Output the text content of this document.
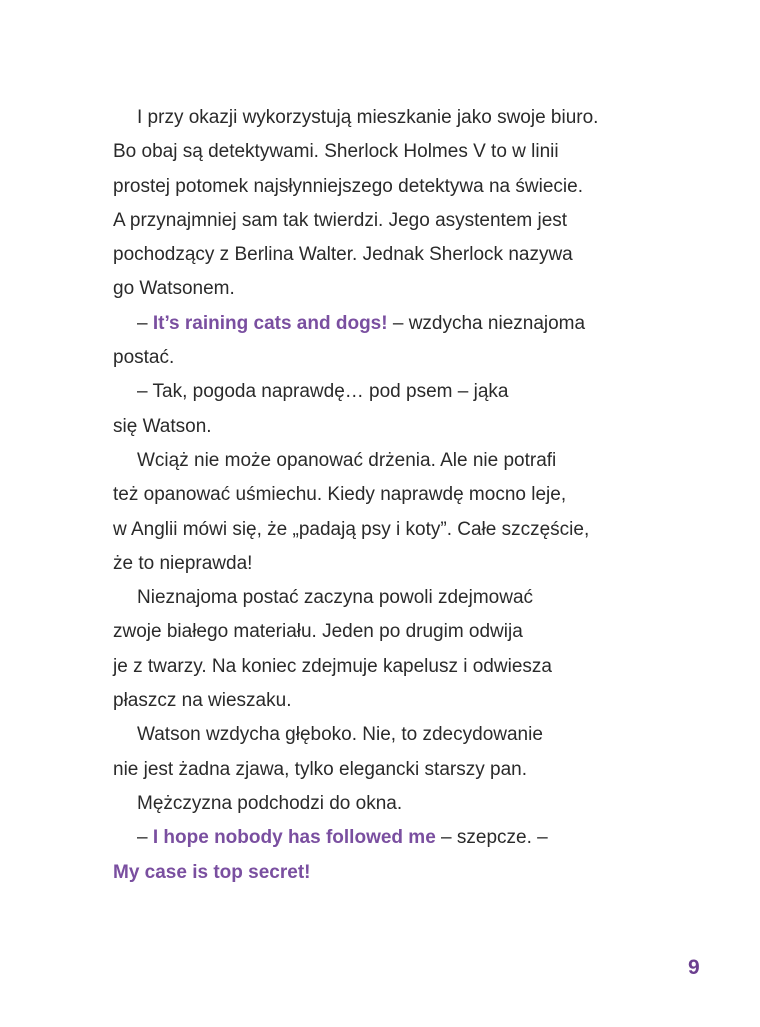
I przy okazji wykorzystują mieszkanie jako swoje biuro.
Bo obaj są detektywami. Sherlock Holmes V to w linii
prostej potomek najsłynniejszego detektywa na świecie.
A przynajmniej sam tak twierdzi. Jego asystentem jest
pochodzący z Berlina Walter. Jednak Sherlock nazywa
go Watsonem.
– It’s raining cats and dogs! – wzdycha nieznajoma
postać.
– Tak, pogoda naprawdę… pod psem – jąka
się Watson.
Wciąż nie może opanować drżenia. Ale nie potrafi
też opanować uśmiechu. Kiedy naprawdę mocno leje,
w Anglii mówi się, że „padają psy i koty”. Całe szczęście,
że to nieprawda!
Nieznajoma postać zaczyna powoli zdejmować
zwoje białego materiału. Jeden po drugim odwija
je z twarzy. Na koniec zdejmuje kapelusz i odwiesza
płaszcz na wieszaku.
Watson wzdycha głęboko. Nie, to zdecydowanie
nie jest żadna zjawa, tylko elegancki starszy pan.
Mężczyzna podchodzi do okna.
– I hope nobody has followed me – szepcze. –
My case is top secret!
9
